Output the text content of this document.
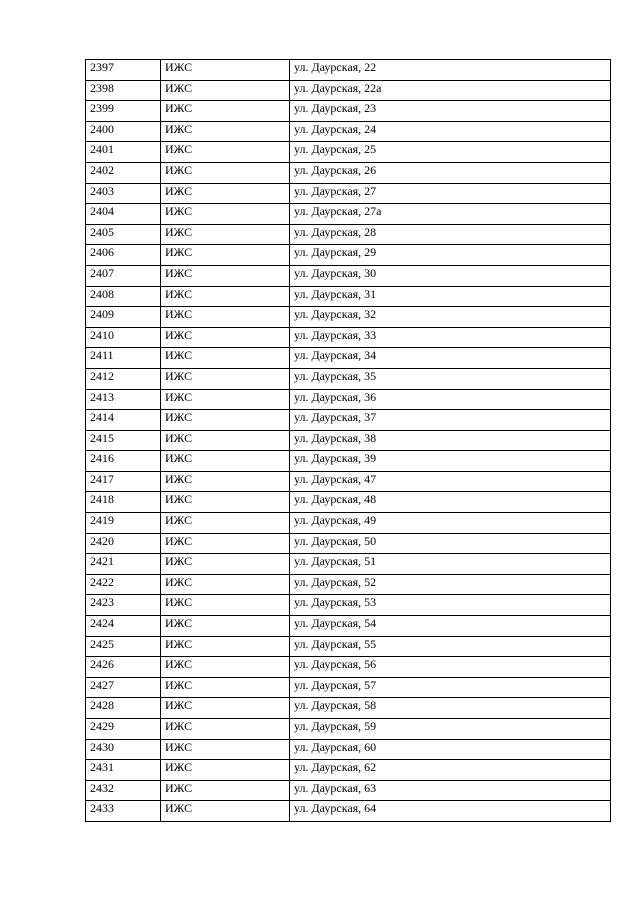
2397	ИЖС	ул. Даурская, 22
2398	ИЖС	ул. Даурская, 22а
2399	ИЖС	ул. Даурская, 23
2400	ИЖС	ул. Даурская, 24
2401	ИЖС	ул. Даурская, 25
2402	ИЖС	ул. Даурская, 26
2403	ИЖС	ул. Даурская, 27
2404	ИЖС	ул. Даурская, 27а
2405	ИЖС	ул. Даурская, 28
2406	ИЖС	ул. Даурская, 29
2407	ИЖС	ул. Даурская, 30
2408	ИЖС	ул. Даурская, 31
2409	ИЖС	ул. Даурская, 32
2410	ИЖС	ул. Даурская, 33
2411	ИЖС	ул. Даурская, 34
2412	ИЖС	ул. Даурская, 35
2413	ИЖС	ул. Даурская, 36
2414	ИЖС	ул. Даурская, 37
2415	ИЖС	ул. Даурская, 38
2416	ИЖС	ул. Даурская, 39
2417	ИЖС	ул. Даурская, 47
2418	ИЖС	ул. Даурская, 48
2419	ИЖС	ул. Даурская, 49
2420	ИЖС	ул. Даурская, 50
2421	ИЖС	ул. Даурская, 51
2422	ИЖС	ул. Даурская, 52
2423	ИЖС	ул. Даурская, 53
2424	ИЖС	ул. Даурская, 54
2425	ИЖС	ул. Даурская, 55
2426	ИЖС	ул. Даурская, 56
2427	ИЖС	ул. Даурская, 57
2428	ИЖС	ул. Даурская, 58
2429	ИЖС	ул. Даурская, 59
2430	ИЖС	ул. Даурская, 60
2431	ИЖС	ул. Даурская, 62
2432	ИЖС	ул. Даурская, 63
2433	ИЖС	ул. Даурская, 64
